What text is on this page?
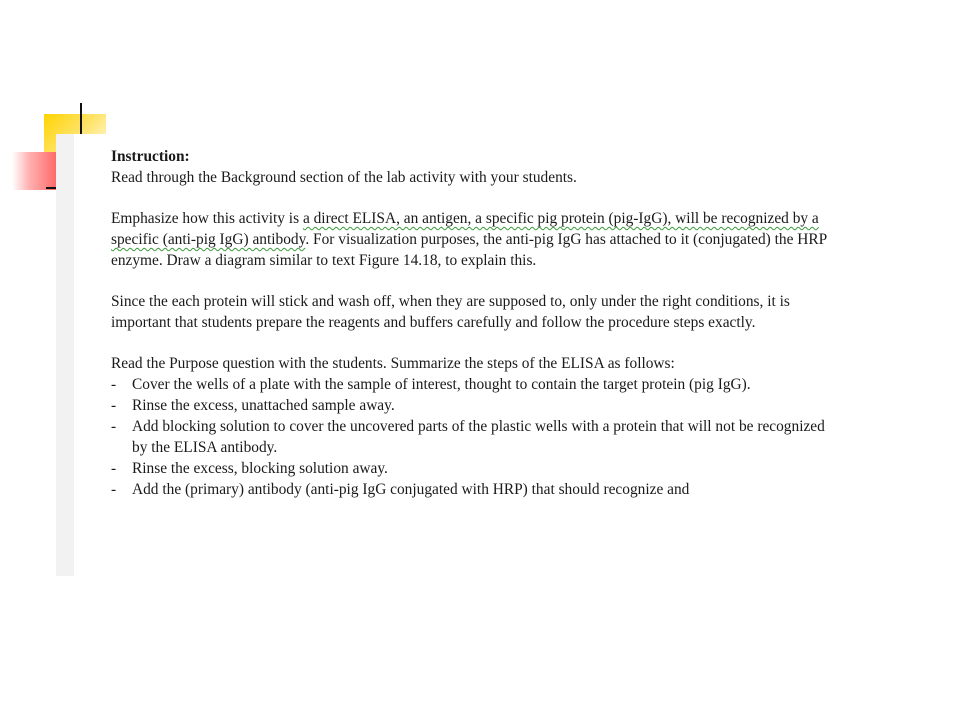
Instruction:

Read through the Background section of the lab activity with your students.

Emphasize how this activity is a direct ELISA, an antigen, a specific pig protein (pig-IgG), will be recognized by a specific (anti-pig IgG) antibody. For visualization purposes, the anti-pig IgG has attached to it (conjugated) the HRP enzyme. Draw a diagram similar to text Figure 14.18, to explain this.

Since the each protein will stick and wash off, when they are supposed to, only under the right conditions, it is important that students prepare the reagents and buffers carefully and follow the procedure steps exactly.

Read the Purpose question with the students. Summarize the steps of the ELISA as follows:

- Cover the wells of a plate with the sample of interest, thought to contain the target protein (pig IgG).
- Rinse the excess, unattached sample away.
- Add blocking solution to cover the uncovered parts of the plastic wells with a protein that will not be recognized by the ELISA antibody.
- Rinse the excess, blocking solution away.
- Add the (primary) antibody (anti-pig IgG conjugated with HRP) that should recognize and
